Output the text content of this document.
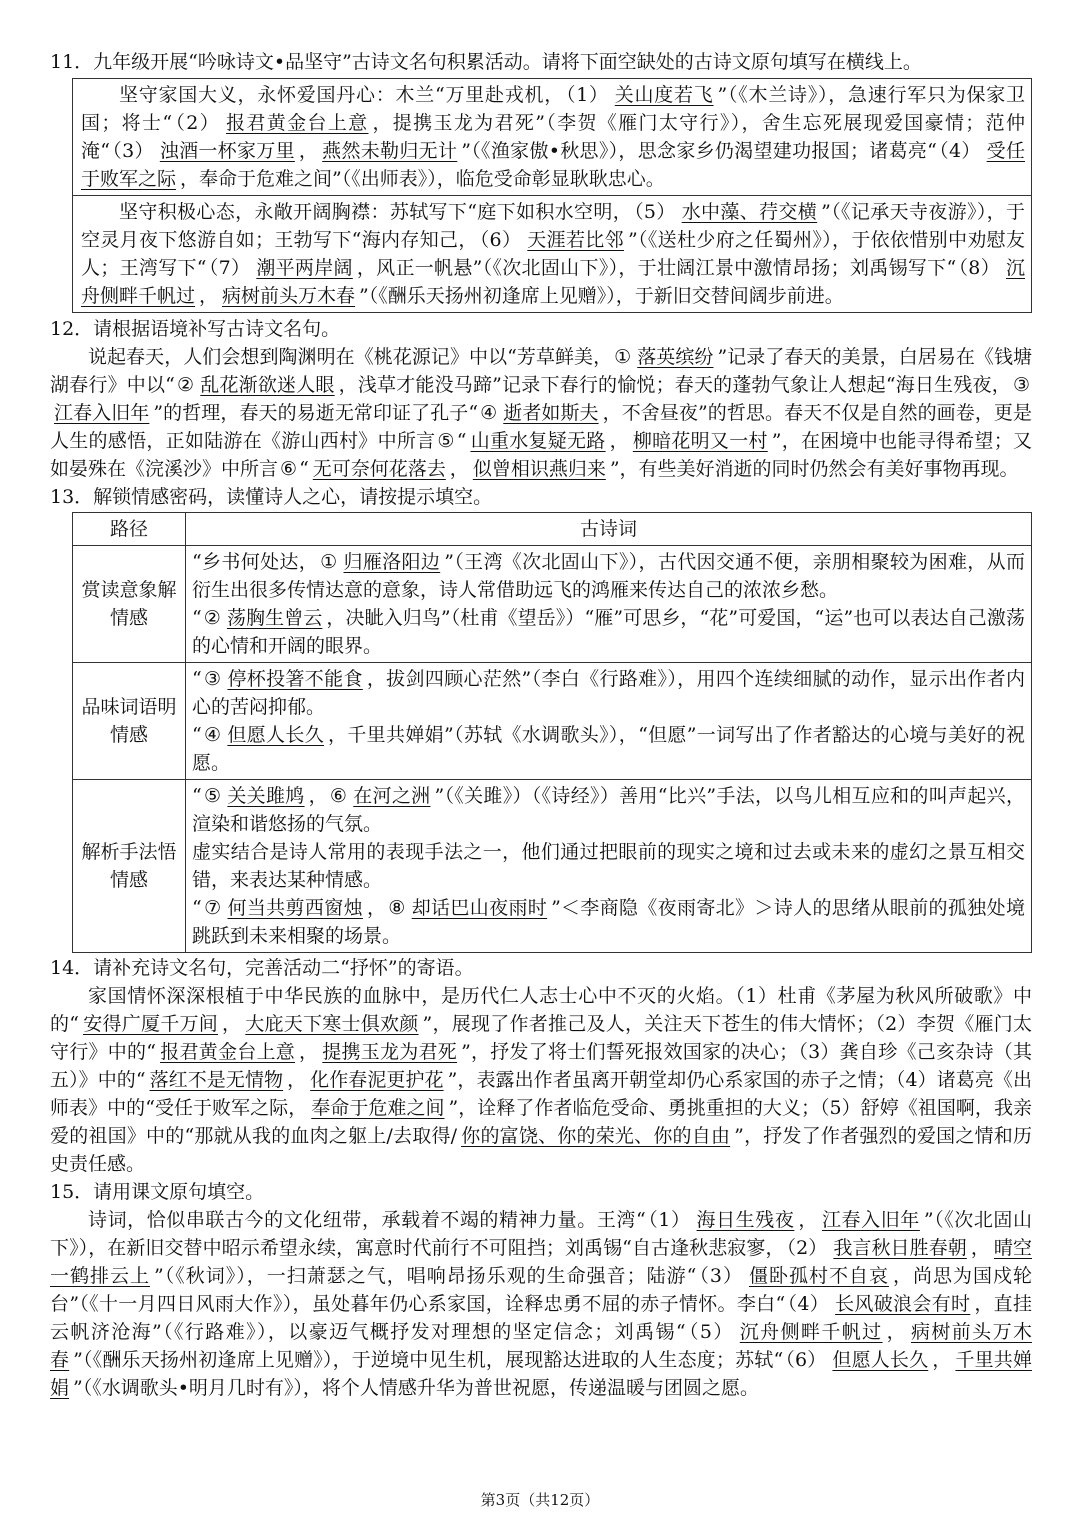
11．九年级开展“吟咏诗文•品坚守”古诗文名句积累活动。请将下面空缺处的古诗文原句填写在横线上。

坚守家国大义，永怀爱国丹心：木兰“万里赴戎机， （1） 关山度若飞 ”（《木兰诗》），急速行军只为保家卫国；将士“ （2） 报君黄金台上意 ，提携玉龙为君死”（李贺《雁门太守行》），舍生忘死展现爱国豪情；范仲淹“ （3） 浊酒一杯家万里 ， 燕然未勒归无计 ”（《渔家傲•秋思》），思念家乡仍渴望建功报国；诸葛亮“ （4） 受任于败军之际 ，奉命于危难之间”（《出师表》），临危受命彰显耿耿忠心。
坚守积极心态，永敞开阔胸襟：苏轼写下“庭下如积水空明， （5） 水中藻、荇交横 ”（《记承天寺夜游》），于空灵月夜下悠游自如；王勃写下“海内存知己， （6） 天涯若比邻 ”（《送杜少府之任蜀州》），于依依惜别中劝慰友人；王湾写下“ （7） 潮平两岸阔 ，风正一帆悬”（《次北固山下》），于壮阔江景中激情昂扬；刘禹锡写下“ （8） 沉舟侧畔千帆过 ， 病树前头万木春 ”（《酬乐天扬州初逢席上见赠》），于新旧交替间阔步前进。

12．请根据语境补写古诗文名句。

说起春天，人们会想到陶渊明在《桃花源记》中以“芳草鲜美， ① 落英缤纷 ”记录了春天的美景，白居易在《钱塘湖春行》中以“ ② 乱花渐欲迷人眼 ，浅草才能没马蹄”记录下春行的愉悦；春天的蓬勃气象让人想起“海日生残夜， ③江春入旧年 ”的哲理，春天的易逝无常印证了孔子“ ④ 逝者如斯夫 ，不舍昼夜”的哲思。春天不仅是自然的画卷，更是人生的感悟，正如陆游在《游山西村》中所言 ⑤ “ 山重水复疑无路 ， 柳暗花明又一村 ”，在困境中也能寻得希望；又如晏殊在《浣溪沙》中所言 ⑥ “ 无可奈何花落去 ， 似曾相识燕归来 ”，有些美好消逝的同时仍然会有美好事物再现。

13．解锁情感密码，读懂诗人之心，请按提示填空。

路径	古诗词
赏读意象解情感	“乡书何处达， ① 归雁洛阳边 ”（王湾《次北固山下》），古代因交通不便，亲朋相聚较为困难，从而衍生出很多传情达意的意象，诗人常借助远飞的鸿雁来传达自己的浓浓乡愁。
“ ② 荡胸生曾云 ，决眦入归鸟”（杜甫《望岳》）“雁”可思乡，“花”可爱国，“运”也可以表达自己激荡的心情和开阔的眼界。

品味词语明情感	“ ③ 停杯投箸不能食 ，拔剑四顾心茫然”（李白《行路难》），用四个连续细腻的动作，显示出作者内心的苦闷抑郁。
“ ④ 但愿人长久 ，千里共婵娟”（苏轼《水调歌头》），“但愿”一词写出了作者豁达的心境与美好的祝愿。

解析手法悟情感	“ ⑤ 关关雎鸠 ， ⑥ 在河之洲 ”（《关雎》）（《诗经》）善用“比兴”手法，以鸟儿相互应和的叫声起兴，渲染和谐悠扬的气氛。
虚实结合是诗人常用的表现手法之一，他们通过把眼前的现实之境和过去或未来的虚幻之景互相交错，来表达某种情感。
“ ⑦ 何当共剪西窗烛 ， ⑧ 却话巴山夜雨时 ”＜李商隐《夜雨寄北》＞诗人的思绪从眼前的孤独处境跳跃到未来相聚的场景。

14．请补充诗文名句，完善活动二“抒怀”的寄语。

家国情怀深深根植于中华民族的血脉中，是历代仁人志士心中不灭的火焰。（1）杜甫《茅屋为秋风所破歌》中的“ 安得广厦千万间 ， 大庇天下寒士俱欢颜 ”，展现了作者推己及人，关注天下苍生的伟大情怀；（2）李贺《雁门太守行》中的“ 报君黄金台上意 ， 提携玉龙为君死 ”，抒发了将士们誓死报效国家的决心；（3）龚自珍《己亥杂诗（其五）》中的“ 落红不是无情物 ， 化作春泥更护花 ”，表露出作者虽离开朝堂却仍心系家国的赤子之情；（4）诸葛亮《出师表》中的“受任于败军之际， 奉命于危难之间 ”，诠释了作者临危受命、勇挑重担的大义；（5）舒婷《祖国啊，我亲爱的祖国》中的“那就从我的血肉之躯上/去取得/ 你的富饶、你的荣光、你的自由 ”，抒发了作者强烈的爱国之情和历史责任感。

15．请用课文原句填空。

诗词，恰似串联古今的文化纽带，承载着不竭的精神力量。王湾“ （1） 海日生残夜 ， 江春入旧年 ”（《次北固山下》），在新旧交替中昭示希望永续，寓意时代前行不可阻挡；刘禹锡“自古逢秋悲寂寥， （2） 我言秋日胜春朝 ， 晴空一鹤排云上 ”（《秋词》），一扫萧瑟之气，唱响昂扬乐观的生命强音；陆游“ （3） 僵卧孤村不自哀 ，尚思为国戍轮台”（《十一月四日风雨大作》），虽处暮年仍心系家国，诠释忠勇不屈的赤子情怀。李白“ （4） 长风破浪会有时 ，直挂云帆济沧海”（《行路难》），以豪迈气概抒发对理想的坚定信念；刘禹锡“ （5） 沉舟侧畔千帆过 ， 病树前头万木春 ”（《酬乐天扬州初逢席上见赠》），于逆境中见生机，展现豁达进取的人生态度；苏轼“ （6） 但愿人长久 ， 千里共婵娟 ”（《水调歌头•明月几时有》），将个人情感升华为普世祝愿，传递温暖与团圆之愿。

第3页（共12页）
